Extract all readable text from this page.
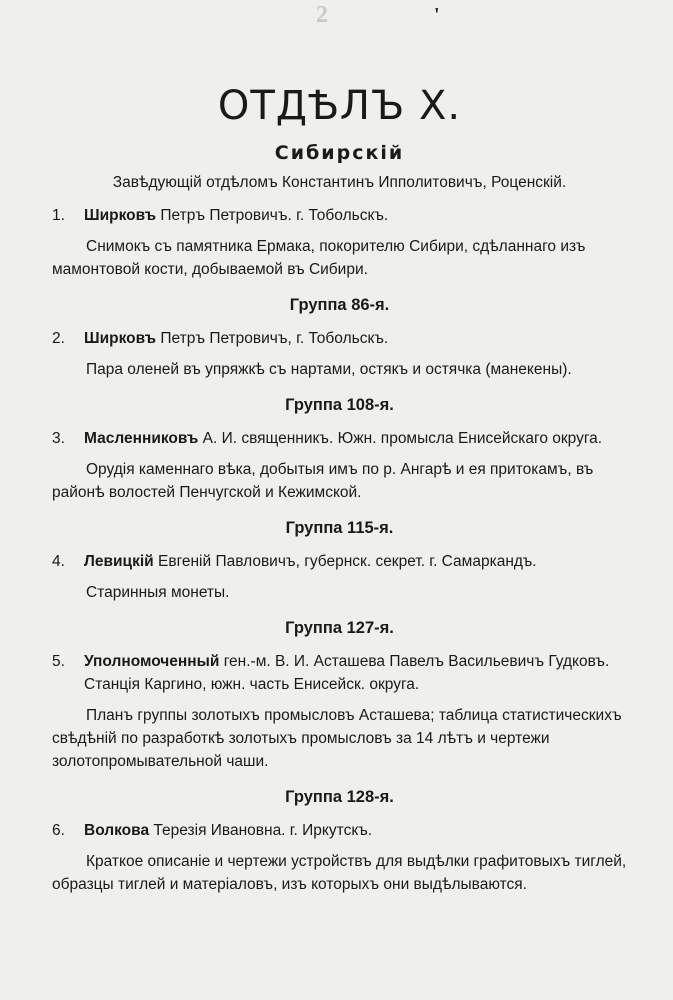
2	'
ОТДѢЛЪ X.
Сибирскій
Завѣдующій отдѣломъ Константинъ Ипполитовичъ, Роценскій.
1.	Ширковъ Петръ Петровичъ. г. Тобольскъ.
Снимокъ съ памятника Ермака, покорителю Сибири, сдѣланнаго изъ мамонтовой кости, добываемой въ Сибири.
Группа 86-я.
2.	Ширковъ Петръ Петровичъ, г. Тобольскъ.
Пара оленей въ упряжкѣ съ нартами, остякъ и остячка (манекены).
Группа 108-я.
3.	Масленниковъ А. И. священникъ. Южн. промысла Енисейскаго округа.
Орудія каменнаго вѣка, добытыя имъ по р. Ангарѣ и ея притокамъ, въ районѣ волостей Пенчугской и Кежимской.
Группа 115-я.
4.	Левицкій Евгеній Павловичъ, губернск. секрет. г. Самаркандъ.
Старинныя монеты.
Группа 127-я.
5.	Уполномоченный ген.-м. В. И. Асташева Павелъ Васильевичъ Гудковъ. Станція Каргино, южн. часть Енисейск. округа.
Планъ группы золотыхъ промысловъ Асташева; таблица статистическихъ свѣдѣній по разработкѣ золотыхъ промысловъ за 14 лѣтъ и чертежи золотопромывательной чаши.
Группа 128-я.
6.	Волкова Терезія Ивановна. г. Иркутскъ.
Краткое описаніе и чертежи устройствъ для выдѣлки графитовыхъ тиглей, образцы тиглей и матеріаловъ, изъ которыхъ они выдѣлываются.
